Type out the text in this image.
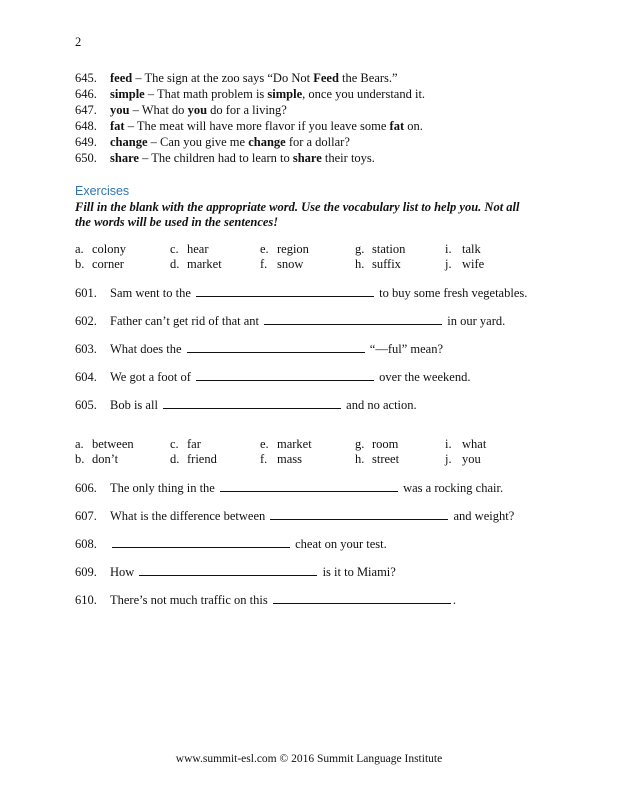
2
645. feed – The sign at the zoo says “Do Not Feed the Bears.”
646. simple – That math problem is simple, once you understand it.
647. you – What do you do for a living?
648. fat – The meat will have more flavor if you leave some fat on.
649. change – Can you give me change for a dollar?
650. share – The children had to learn to share their toys.
Exercises
Fill in the blank with the appropriate word. Use the vocabulary list to help you. Not all the words will be used in the sentences!
a. colony	c. hear	e. region	g. station	i. talk
b. corner	d. market	f. snow	h. suffix	j. wife
601. Sam went to the	to buy some fresh vegetables.
602. Father can’t get rid of that ant	in our yard.
603. What does the	“—ful” mean?
604. We got a foot of	over the weekend.
605. Bob is all	and no action.
a. between	c. far	e. market	g. room	i. what
b. don’t	d. friend	f. mass	h. street	j. you
606. The only thing in the	was a rocking chair.
607. What is the difference between	and weight?
608.	cheat on your test.
609. How	is it to Miami?
610. There’s not much traffic on this	.
www.summit-esl.com © 2016 Summit Language Institute
